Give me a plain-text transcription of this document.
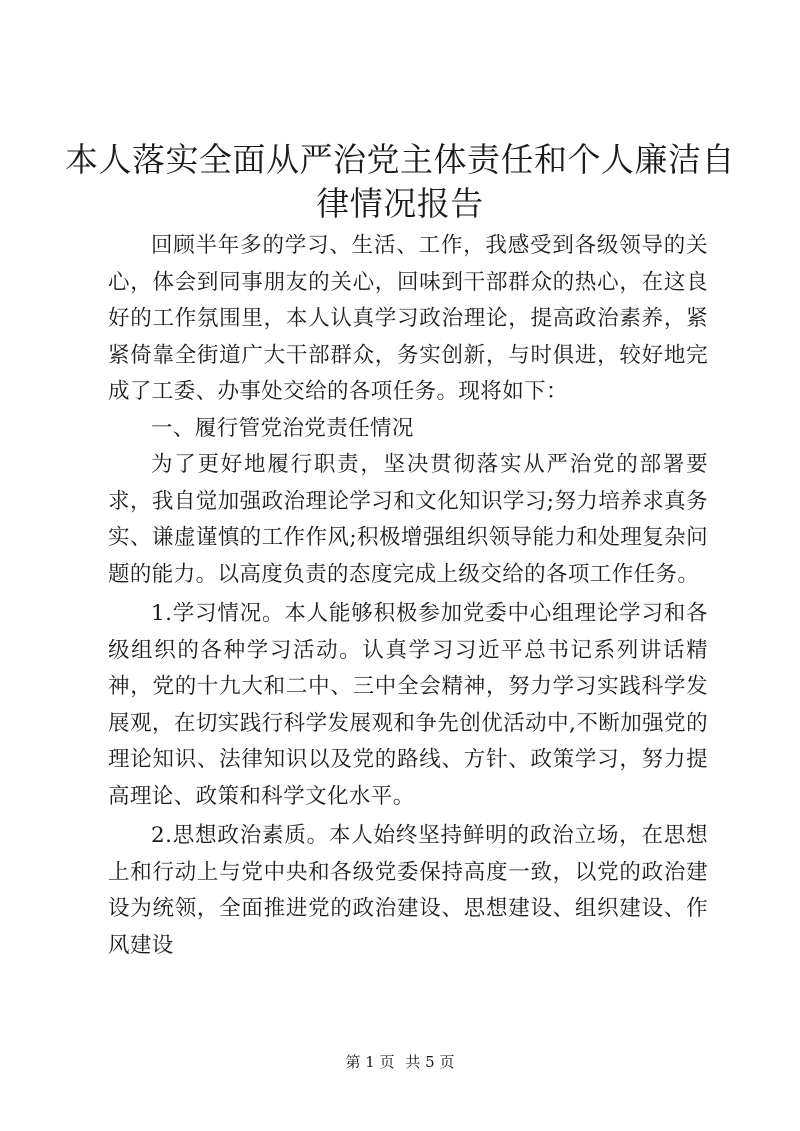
本人落实全面从严治党主体责任和个人廉洁自律情况报告

回顾半年多的学习、生活、工作，我感受到各级领导的关心，体会到同事朋友的关心，回味到干部群众的热心，在这良好的工作氛围里，本人认真学习政治理论，提高政治素养，紧紧倚靠全街道广大干部群众，务实创新，与时俱进，较好地完成了工委、办事处交给的各项任务。现将如下：

一、履行管党治党责任情况

为了更好地履行职责，坚决贯彻落实从严治党的部署要求，我自觉加强政治理论学习和文化知识学习;努力培养求真务实、谦虚谨慎的工作作风;积极增强组织领导能力和处理复杂问题的能力。以高度负责的态度完成上级交给的各项工作任务。

1.学习情况。本人能够积极参加党委中心组理论学习和各级组织的各种学习活动。认真学习习近平总书记系列讲话精神，党的十九大和二中、三中全会精神，努力学习实践科学发展观，在切实践行科学发展观和争先创优活动中,不断加强党的理论知识、法律知识以及党的路线、方针、政策学习，努力提高理论、政策和科学文化水平。

2.思想政治素质。本人始终坚持鲜明的政治立场，在思想上和行动上与党中央和各级党委保持高度一致，以党的政治建设为统领，全面推进党的政治建设、思想建设、组织建设、作风建设

第 1 页 共 5 页
